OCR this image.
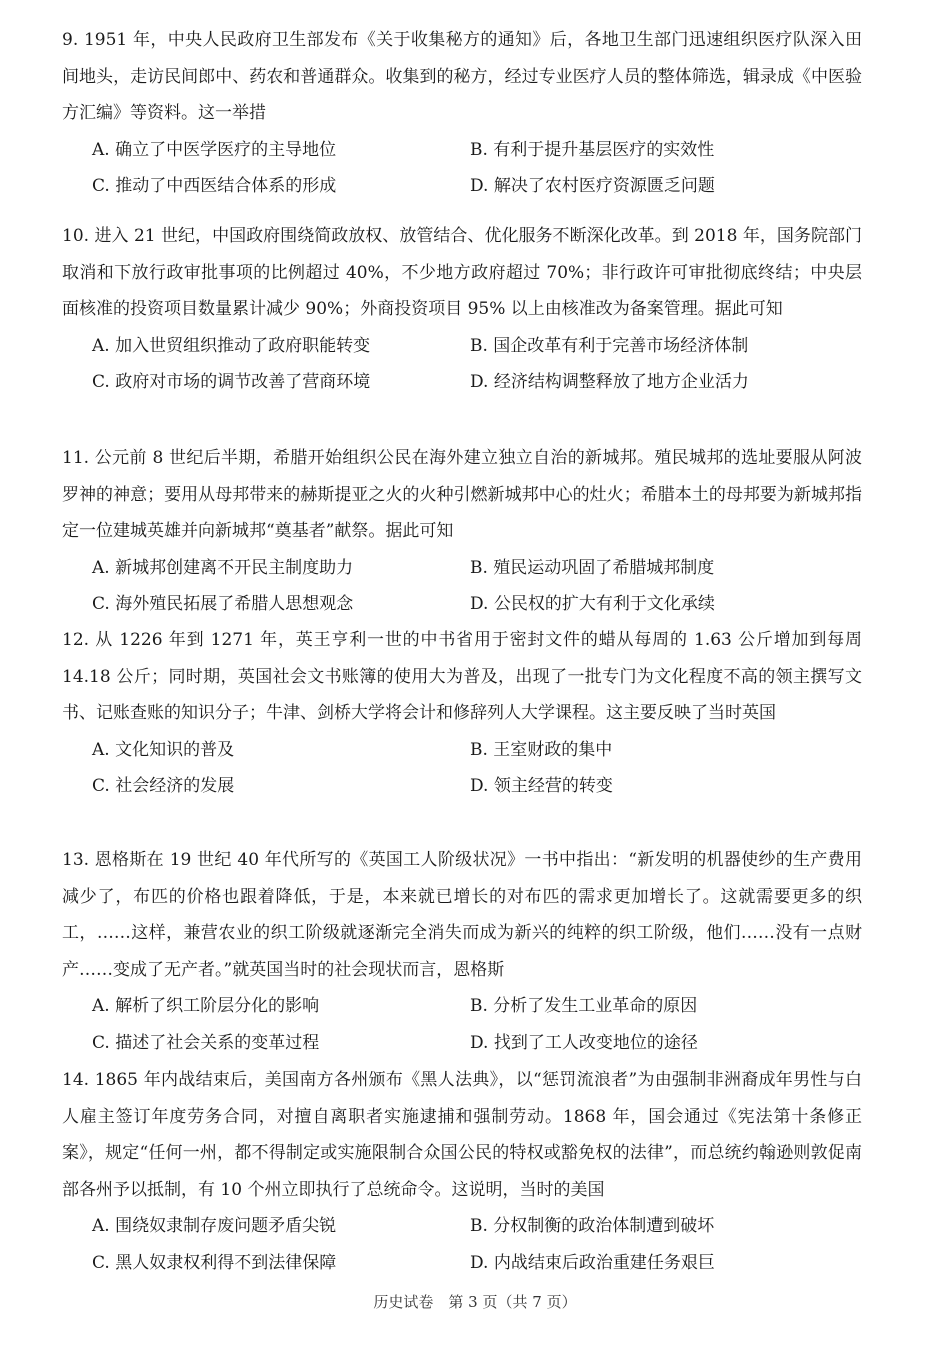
9. 1951 年，中央人民政府卫生部发布《关于收集秘方的通知》后，各地卫生部门迅速组织医疗队深入田间地头，走访民间郎中、药农和普通群众。收集到的秘方，经过专业医疗人员的整体筛选，辑录成《中医验方汇编》等资料。这一举措

A. 确立了中医学医疗的主导地位	B. 有利于提升基层医疗的实效性
C. 推动了中西医结合体系的形成	D. 解决了农村医疗资源匮乏问题

10. 进入 21 世纪，中国政府围绕简政放权、放管结合、优化服务不断深化改革。到 2018 年，国务院部门取消和下放行政审批事项的比例超过 40%，不少地方政府超过 70%；非行政许可审批彻底终结；中央层面核准的投资项目数量累计减少 90%；外商投资项目 95% 以上由核准改为备案管理。据此可知

A. 加入世贸组织推动了政府职能转变	B. 国企改革有利于完善市场经济体制
C. 政府对市场的调节改善了营商环境	D. 经济结构调整释放了地方企业活力

11. 公元前 8 世纪后半期，希腊开始组织公民在海外建立独立自治的新城邦。殖民城邦的选址要服从阿波罗神的神意；要用从母邦带来的赫斯提亚之火的火种引燃新城邦中心的灶火；希腊本土的母邦要为新城邦指定一位建城英雄并向新城邦“奠基者”献祭。据此可知

A. 新城邦创建离不开民主制度助力	B. 殖民运动巩固了希腊城邦制度
C. 海外殖民拓展了希腊人思想观念	D. 公民权的扩大有利于文化承续

12. 从 1226 年到 1271 年，英王亨利一世的中书省用于密封文件的蜡从每周的 1.63 公斤增加到每周 14.18 公斤；同时期，英国社会文书账簿的使用大为普及，出现了一批专门为文化程度不高的领主撰写文书、记账查账的知识分子；牛津、剑桥大学将会计和修辞列人大学课程。这主要反映了当时英国

A. 文化知识的普及	B. 王室财政的集中
C. 社会经济的发展	D. 领主经营的转变

13. 恩格斯在 19 世纪 40 年代所写的《英国工人阶级状况》一书中指出：“新发明的机器使纱的生产费用减少了，布匹的价格也跟着降低，于是，本来就已增长的对布匹的需求更加增长了。这就需要更多的织工，……这样，兼营农业的织工阶级就逐渐完全消失而成为新兴的纯粹的织工阶级，他们……没有一点财产……变成了无产者。”就英国当时的社会现状而言，恩格斯

A. 解析了织工阶层分化的影响	B. 分析了发生工业革命的原因
C. 描述了社会关系的变革过程	D. 找到了工人改变地位的途径

14. 1865 年内战结束后，美国南方各州颁布《黑人法典》，以“惩罚流浪者”为由强制非洲裔成年男性与白人雇主签订年度劳务合同，对擅自离职者实施逮捕和强制劳动。1868 年，国会通过《宪法第十条修正案》，规定“任何一州，都不得制定或实施限制合众国公民的特权或豁免权的法律”，而总统约翰逊则敦促南部各州予以抵制，有 10 个州立即执行了总统命令。这说明，当时的美国

A. 围绕奴隶制存废问题矛盾尖锐	B. 分权制衡的政治体制遭到破坏
C. 黑人奴隶权利得不到法律保障	D. 内战结束后政治重建任务艰巨
历史试卷　第 3 页（共 7 页）
